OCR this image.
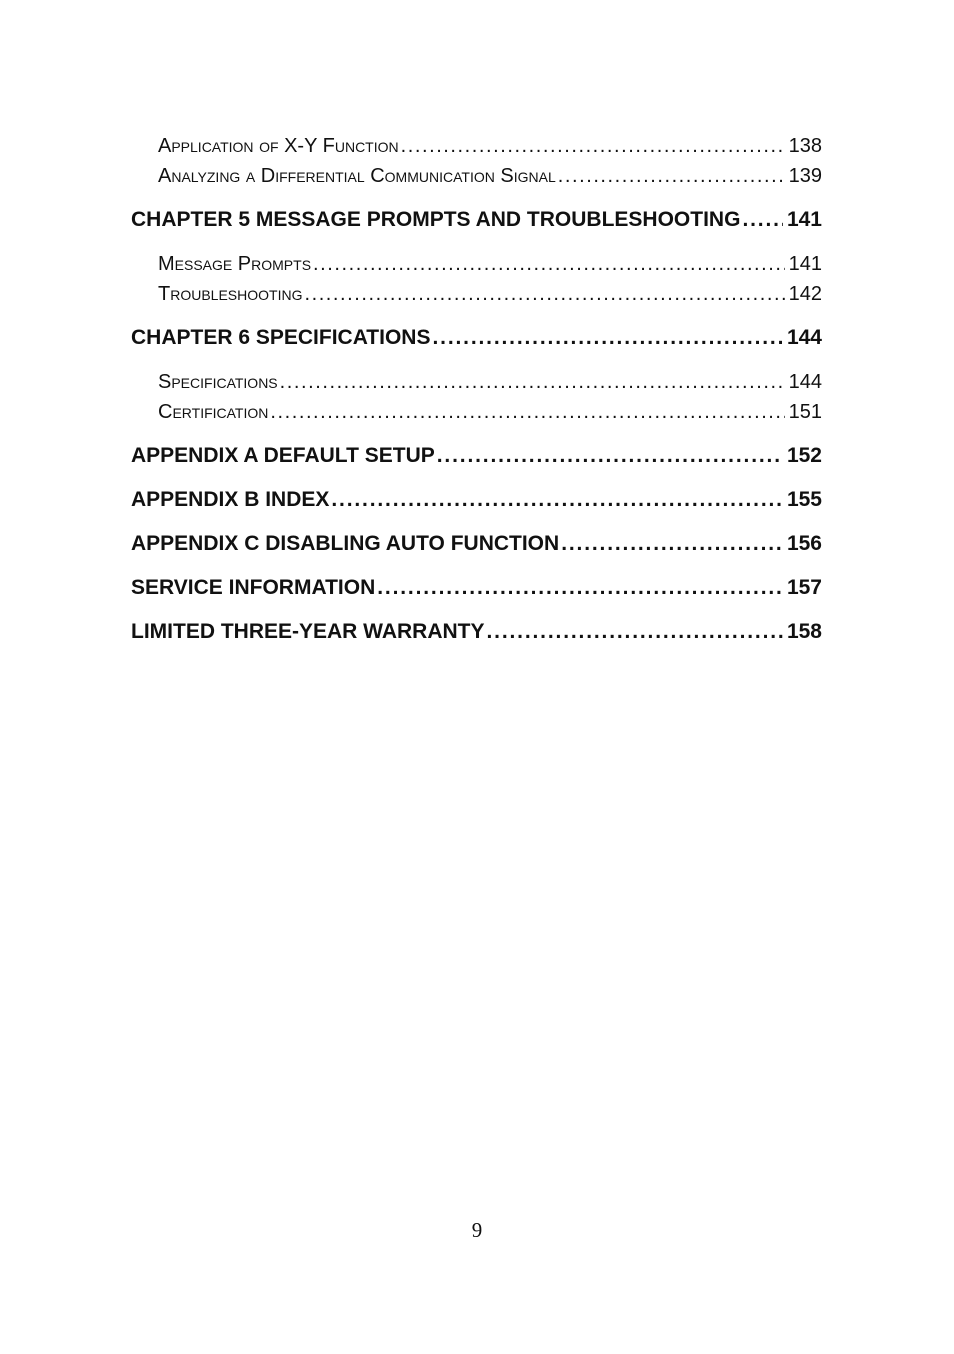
Application of X-Y Function . . .	138
Analyzing a Differential Communication Signal . . .	139
CHAPTER 5 MESSAGE PROMPTS AND TROUBLESHOOTING . . . 141
Message Prompts . . .	141
Troubleshooting . . .	142
CHAPTER 6 SPECIFICATIONS . . .	144
Specifications . . .	144
Certification . . .	151
APPENDIX A DEFAULT SETUP . . .	152
APPENDIX B INDEX . . .	155
APPENDIX C DISABLING AUTO FUNCTION . . .	156
SERVICE INFORMATION . . .	157
LIMITED THREE-YEAR WARRANTY . . .	158
9
